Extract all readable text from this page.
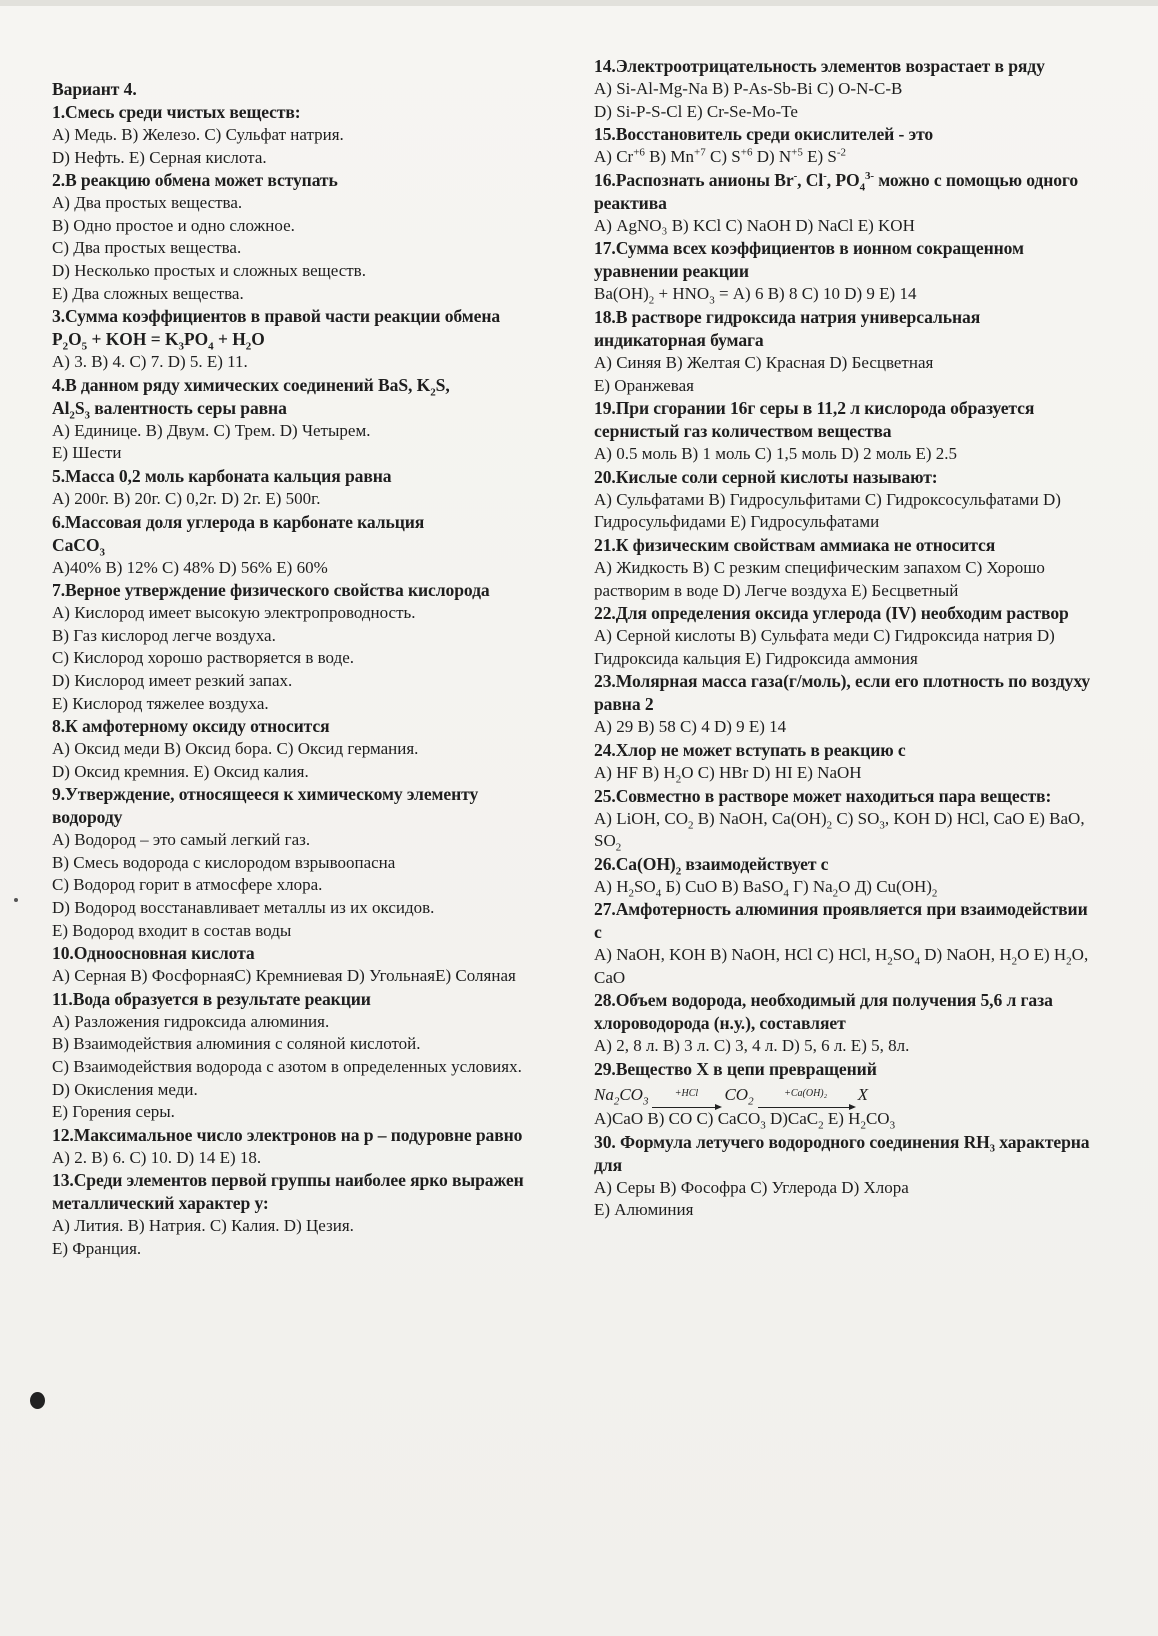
Вариант 4.
1.Смесь среди чистых веществ:
А) Медь. В) Железо. С) Сульфат натрия.
D) Нефть. Е) Серная кислота.
2.В реакцию обмена может вступать
А) Два простых вещества.
В) Одно простое и одно сложное.
С) Два простых вещества.
D) Несколько простых и сложных веществ.
Е) Два сложных вещества.
3.Сумма коэффициентов в правой части реакции обмена
$P_2O_5$ + KOH = $K_3PO_4 + H_2O$
А) 3. В) 4. С) 7. D) 5. Е) 11.
4.В данном ряду химических соединений BaS, $K_2S$,
$Al_2S_3$ валентность серы равна
А) Единице. В) Двум. С) Трем. D) Четырем.
Е) Шести
5.Масса 0,2 моль карбоната кальция равна
А) 200г. В) 20г. С) 0,2г. D) 2г. Е) 500г.
6.Массовая доля углерода в карбонате кальция
CaCO$_3$
А)40% В) 12% С) 48% D) 56% Е) 60%
7.Верное утверждение физического свойства кислорода
А) Кислород имеет высокую электропроводность.
В) Газ кислород легче воздуха.
С) Кислород хорошо растворяется в воде.
D) Кислород имеет резкий запах.
Е) Кислород тяжелее воздуха.
8.К амфотерному оксиду относится
А) Оксид меди В) Оксид бора. С) Оксид германия.
D) Оксид кремния. Е) Оксид калия.
9.Утверждение, относящееся к химическому элементу водороду
А) Водород – это самый легкий газ.
В) Смесь водорода с кислородом взрывоопасна
С) Водород горит в атмосфере хлора.
D) Водород восстанавливает металлы из их оксидов.
Е) Водород входит в состав воды
10.Одноосновная кислота
А) Серная В) ФосфорнаяС) Кремниевая D) УгольнаяЕ) Соляная
11.Вода образуется в результате реакции
А) Разложения гидроксида алюминия.
В) Взаимодействия алюминия с соляной кислотой.
С) Взаимодействия водорода с азотом в определенных условиях.
D) Окисления меди.
Е) Горения серы.
12.Максимальное число электронов на р – подуровне равно
А) 2. В) 6. С) 10. D) 14 Е) 18.
13.Среди элементов первой группы наиболее ярко выражен металлический характер у:
А) Лития. В) Натрия. С) Калия. D) Цезия.
Е) Франция.
14.Электроотрицательность элементов возрастает в ряду
А) Si-Al-Mg-Na В) P-As-Sb-Bi С) O-N-C-B
D) Si-P-S-Cl Е) Cr-Se-Mo-Te
15.Восстановитель среди окислителей - это
А) $Cr^{+6}$ В) $Mn^{+7}$ С) $S^{+6}$ D) $N^{+5}$ Е) $S^{-2}$
16.Распознать анионы Br-, Cl-, $PO_4^{3-}$ можно с помощью одного реактива
А) AgNO₃ В) KCl С) NaOH D) NaCl Е) KOH
17.Сумма всех коэффициентов в ионном сокращенном уравнении реакции
$Ba(OH)_2 + HNO_3 = А$) 6 В) 8 С) 10 D) 9 Е) 14
18.В растворе гидроксида натрия универсальная индикаторная бумага
А) Синяя В) Желтая С) Красная D) Бесцветная
Е) Оранжевая
19.При сгорании 16г серы в 11,2 л кислорода образуется сернистый газ количеством вещества
А) 0.5 моль В) 1 моль С) 1,5 моль D) 2 моль Е) 2.5
20.Кислые соли серной кислоты называют:
А) Сульфатами В) Гидросульфитами С) Гидроксосульфатами D) Гидросульфидами Е) Гидросульфатами
21.К физическим свойствам аммиака не относится
А) Жидкость В) С резким специфическим запахом С) Хорошо растворим в воде D) Легче воздуха Е) Бесцветный
22.Для определения оксида углерода (IV) необходим раствор
А) Серной кислоты В) Сульфата меди С) Гидроксида натрия D) Гидроксида кальция Е) Гидроксида аммония
23.Молярная масса газа(г/моль), если его плотность по воздуху равна 2
А) 29 В) 58 С) 4 D) 9 Е) 14
24.Хлор не может вступать в реакцию с
А) HF В) $H_2O$ С) HBr D) HI Е) NaOH
25.Совместно в растворе может находиться пара веществ:
А) LiOH, $CO_2$ В) NaOH, $Ca(OH)_2$ С) $SO_3$, KOH D) HCl, CaO Е) BaO, $SO_2$
$26.Ca(OH)_2$ взаимодействует с
А) $H_2SO_4$ Б) CuO В) BaSO$_4$ Г) $Na_2O$ Д) $Cu(OH)_2$
27.Амфотерность алюминия проявляется при взаимодействии с
А) NaOH, KOH В) NaOH, HCl С) HCl, $H_2SO_4$ D) NaOH, $H_2O$ Е) $H_2O$, CaO
28.Объем водорода, необходимый для получения 5,6 л газа хлороводорода (н.у.), составляет
А) 2, 8 л. В) 3 л. С) 3, 4 л. D) 5, 6 л. Е) 5, 8л.
29.Вещество X в цепи превращений
$Na_2CO_3$
+HCl $CO_2$
+Ca(OH)₂ X
А)CaO В) CO С) CaCO$_3$ D)CaC$_2$ Е) $H_2CO_3$
30. Формула летучего водородного соединения RH₃ характерна для
А) Серы В) Фософра С) Углерода D) Хлора
Е) Алюминия
